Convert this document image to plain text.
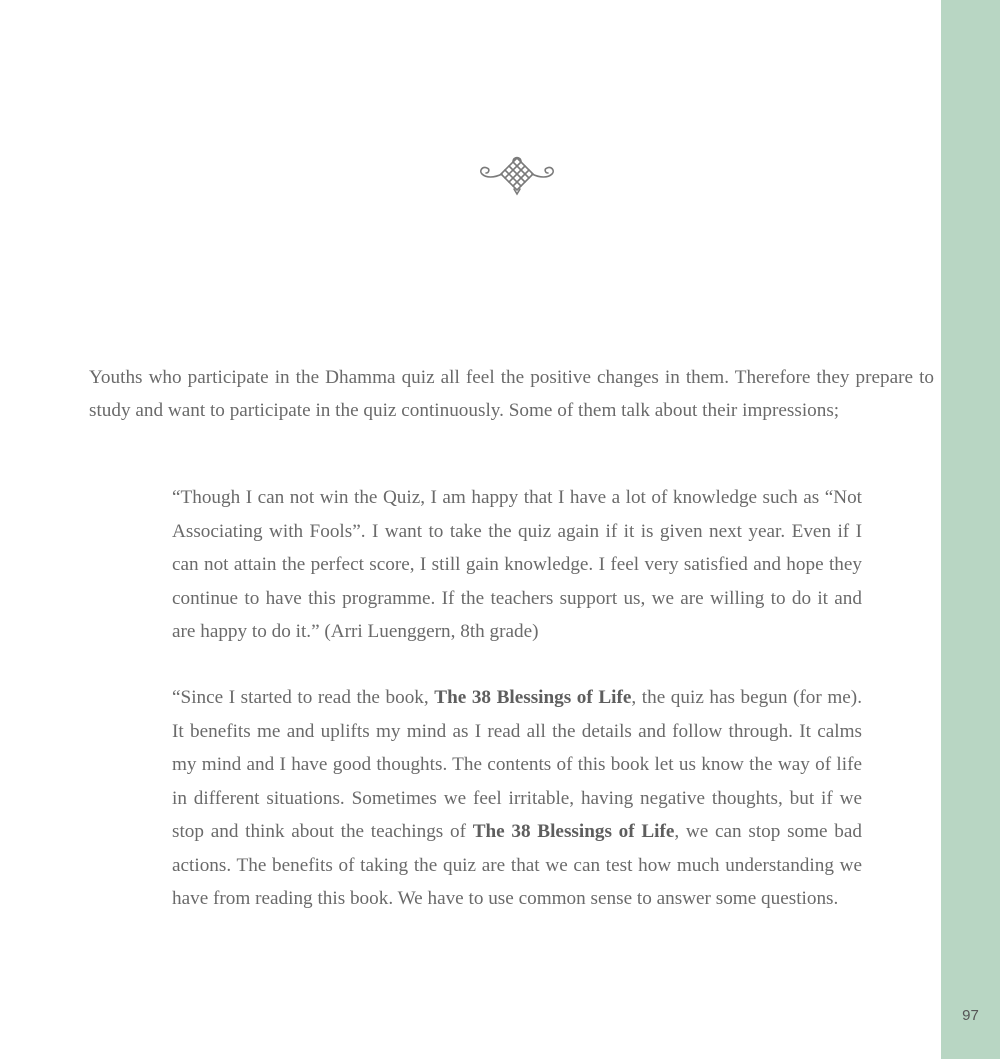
Youths who participate in the Dhamma quiz all feel the positive changes in them. Therefore they prepare to study and want to participate in the quiz continuously. Some of them talk about their impressions;

“Though I can not win the Quiz, I am happy that I have a lot of knowledge such as “Not Associating with Fools”. I want to take the quiz again if it is given next year. Even if I can not attain the perfect score, I still gain knowledge. I feel very satisfied and hope they continue to have this programme. If the teachers support us, we are willing to do it and are happy to do it.” (Arri Luenggern, 8th grade)

“Since I started to read the book, The 38 Blessings of Life, the quiz has begun (for me). It benefits me and uplifts my mind as I read all the details and follow through. It calms my mind and I have good thoughts. The contents of this book let us know the way of life in different situations. Sometimes we feel irritable, having negative thoughts, but if we stop and think about the teachings of The 38 Blessings of Life, we can stop some bad actions. The benefits of taking the quiz are that we can test how much understanding we have from reading this book. We have to use common sense to answer some questions.

97
